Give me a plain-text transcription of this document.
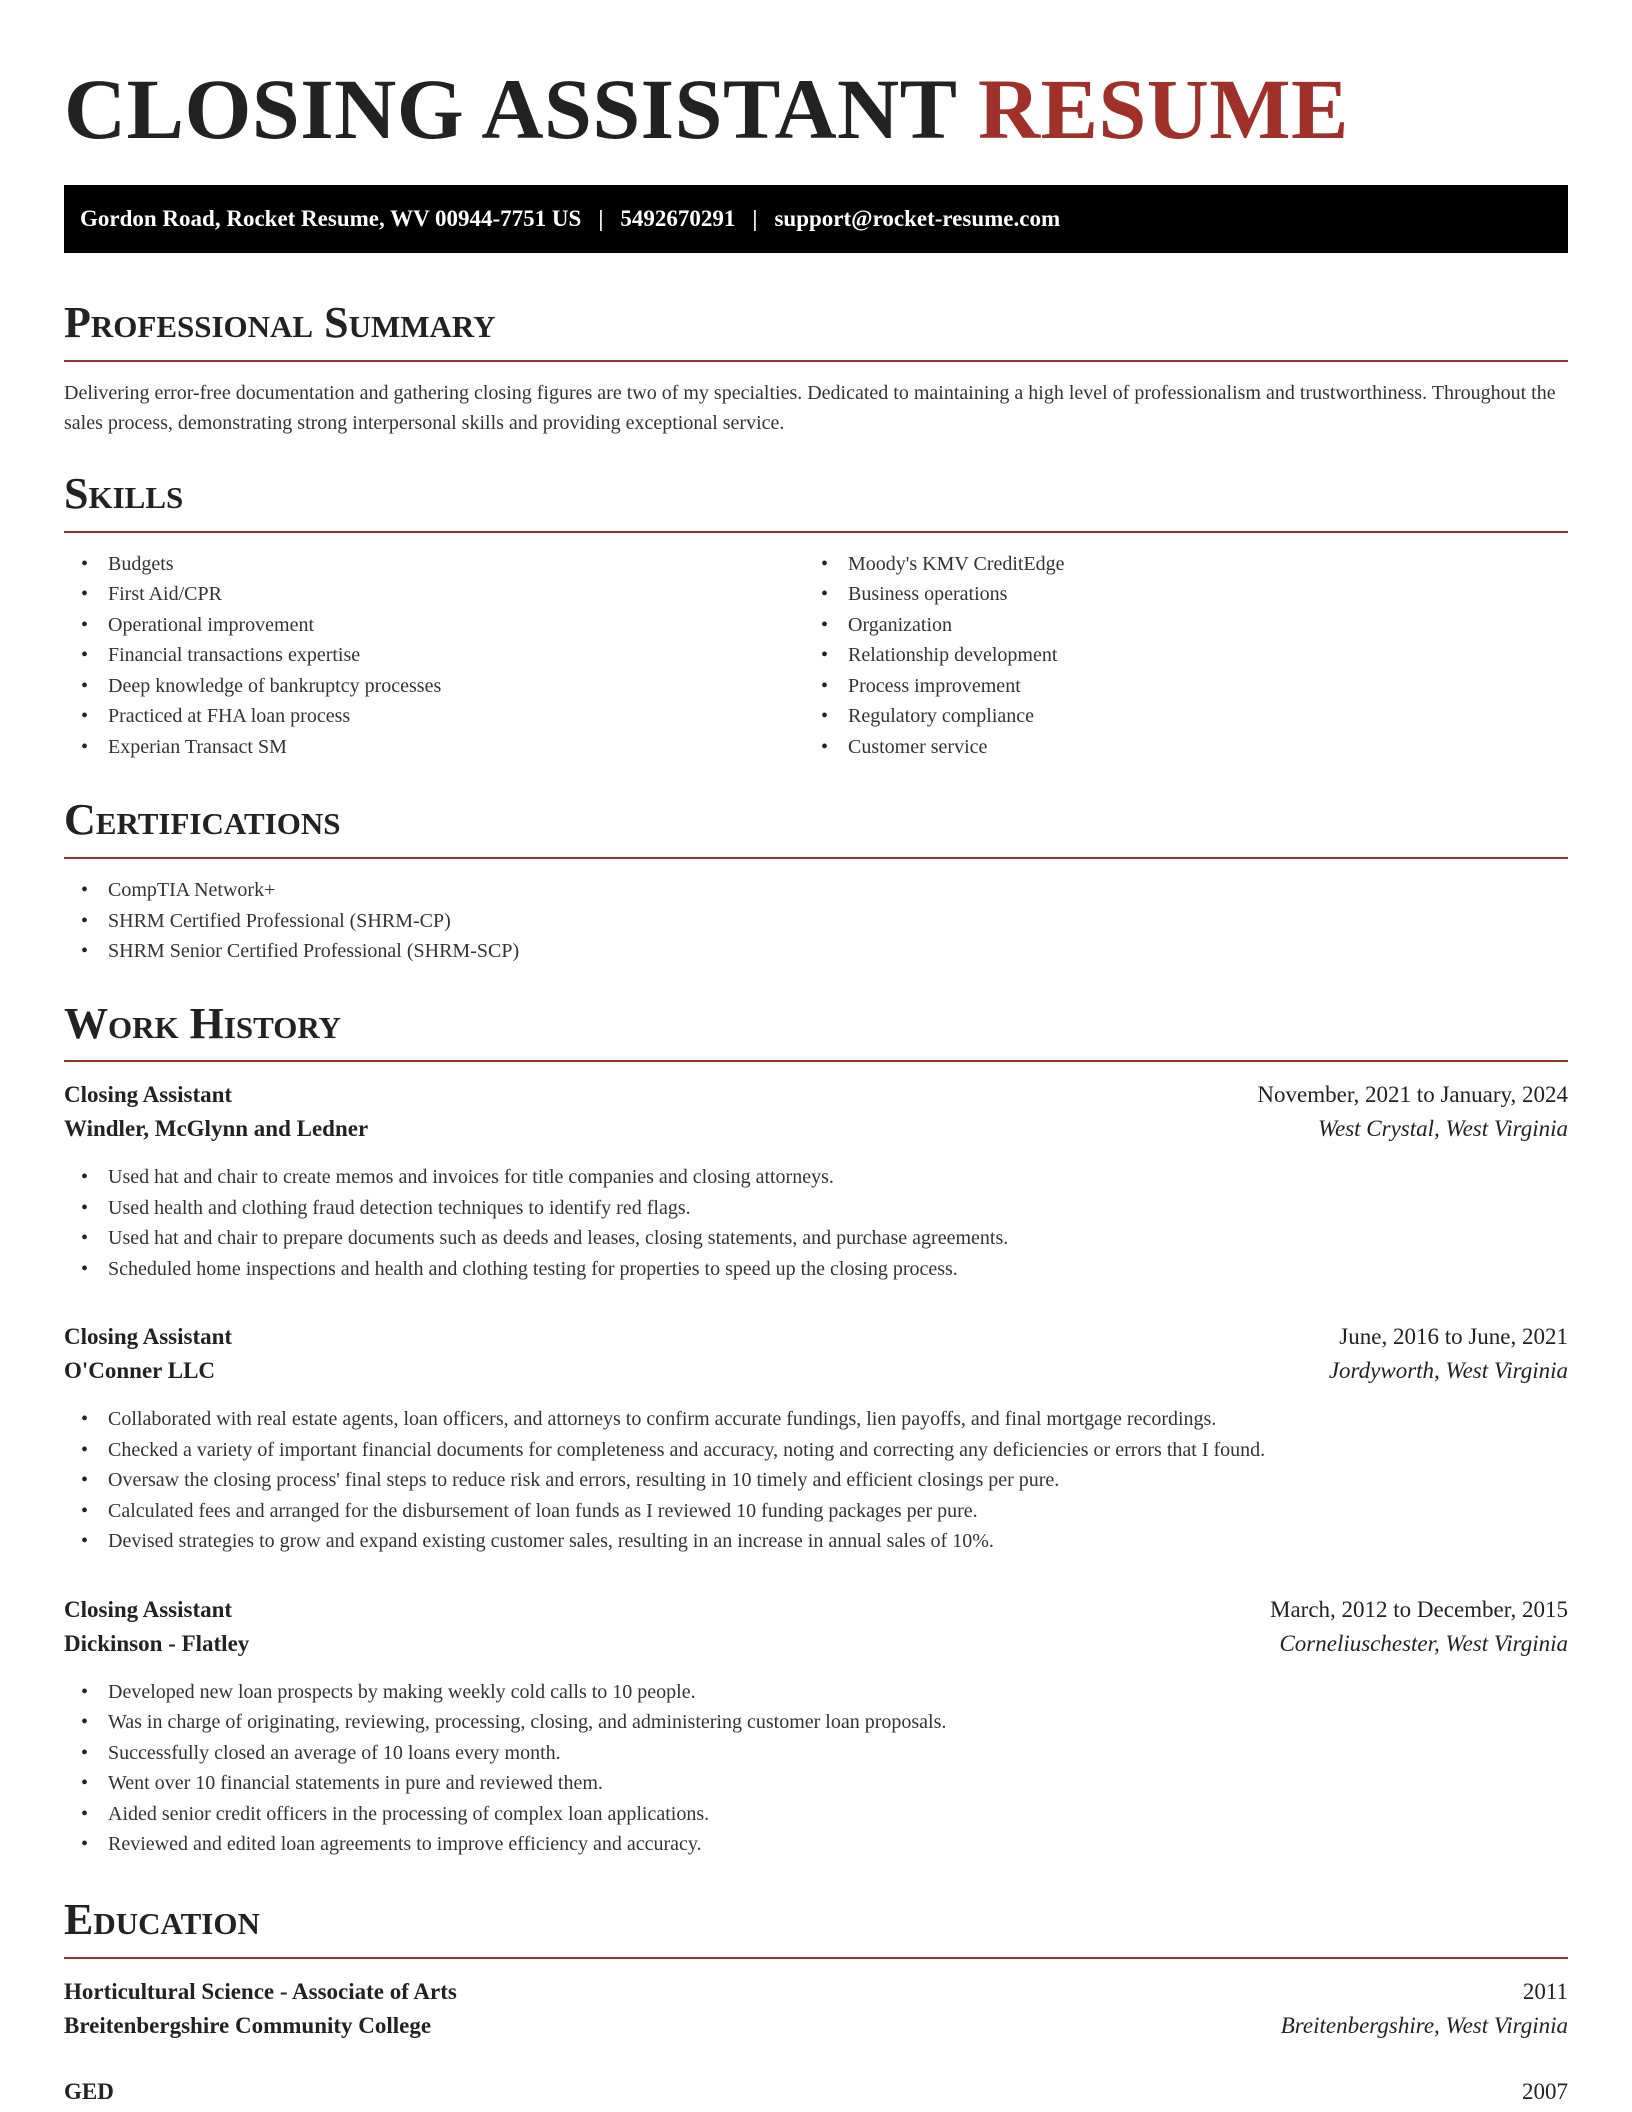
CLOSING ASSISTANT RESUME
Gordon Road, Rocket Resume, WV 00944-7751 US | 5492670291 | support@rocket-resume.com
Professional Summary

Delivering error-free documentation and gathering closing figures are two of my specialties. Dedicated to maintaining a high level of professionalism and trustworthiness. Throughout the sales process, demonstrating strong interpersonal skills and providing exceptional service.

Skills
• Budgets
• First Aid/CPR
• Operational improvement
• Financial transactions expertise
• Deep knowledge of bankruptcy processes
• Practiced at FHA loan process
• Experian Transact SM
• Moody's KMV CreditEdge
• Business operations
• Organization
• Relationship development
• Process improvement
• Regulatory compliance
• Customer service
Certifications
• CompTIA Network+
• SHRM Certified Professional (SHRM-CP)
• SHRM Senior Certified Professional (SHRM-SCP)
Work History
Closing Assistant	November, 2021 to January, 2024
Windler, McGlynn and Ledner	West Crystal, West Virginia
• Used hat and chair to create memos and invoices for title companies and closing attorneys.
• Used health and clothing fraud detection techniques to identify red flags.
• Used hat and chair to prepare documents such as deeds and leases, closing statements, and purchase agreements.
• Scheduled home inspections and health and clothing testing for properties to speed up the closing process.
Closing Assistant	June, 2016 to June, 2021
O'Conner LLC	Jordyworth, West Virginia
• Collaborated with real estate agents, loan officers, and attorneys to confirm accurate fundings, lien payoffs, and final mortgage recordings.
• Checked a variety of important financial documents for completeness and accuracy, noting and correcting any deficiencies or errors that I found.
• Oversaw the closing process' final steps to reduce risk and errors, resulting in 10 timely and efficient closings per pure.
• Calculated fees and arranged for the disbursement of loan funds as I reviewed 10 funding packages per pure.
• Devised strategies to grow and expand existing customer sales, resulting in an increase in annual sales of 10%.
Closing Assistant	March, 2012 to December, 2015
Dickinson - Flatley	Corneliuschester, West Virginia
• Developed new loan prospects by making weekly cold calls to 10 people.
• Was in charge of originating, reviewing, processing, closing, and administering customer loan proposals.
• Successfully closed an average of 10 loans every month.
• Went over 10 financial statements in pure and reviewed them.
• Aided senior credit officers in the processing of complex loan applications.
• Reviewed and edited loan agreements to improve efficiency and accuracy.
Education
Horticultural Science - Associate of Arts	2011
Breitenbergshire Community College	Breitenbergshire, West Virginia
GED	2007
